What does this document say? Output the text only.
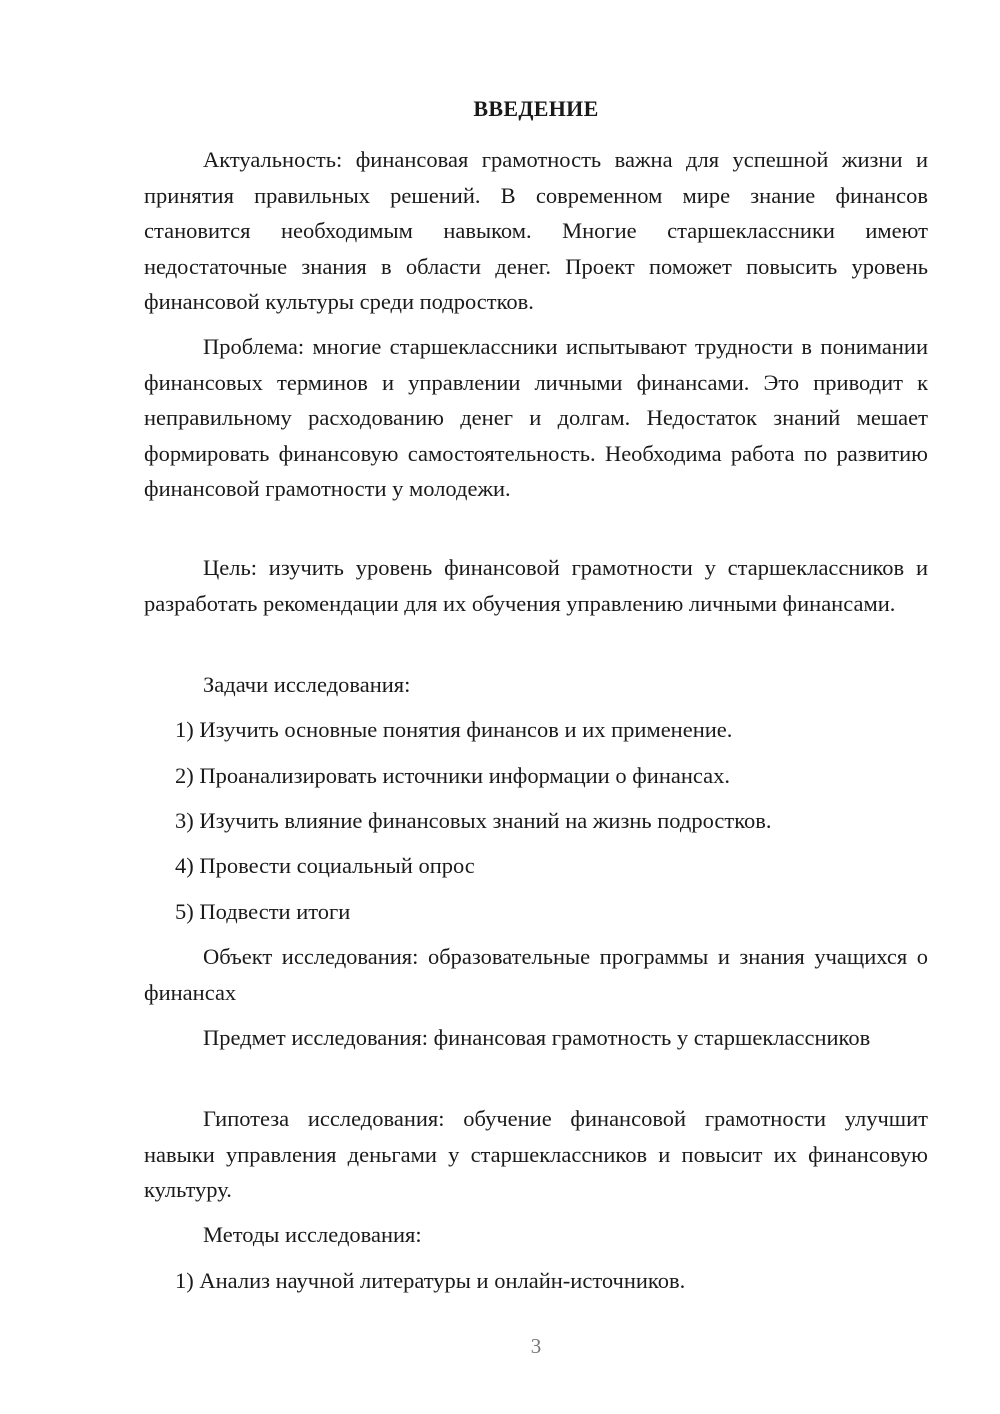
ВВЕДЕНИЕ

Актуальность: финансовая грамотность важна для успешной жизни и принятия правильных решений. В современном мире знание финансов становится необходимым навыком. Многие старшеклассники имеют недостаточные знания в области денег. Проект поможет повысить уровень финансовой культуры среди подростков.

Проблема: многие старшеклассники испытывают трудности в понимании финансовых терминов и управлении личными финансами. Это приводит к неправильному расходованию денег и долгам. Недостаток знаний мешает формировать финансовую самостоятельность. Необходима работа по развитию финансовой грамотности у молодежи.

Цель: изучить уровень финансовой грамотности у старшеклассников и разработать рекомендации для их обучения управлению личными финансами.

Задачи исследования:

1) Изучить основные понятия финансов и их применение.
2) Проанализировать источники информации о финансах.
3) Изучить влияние финансовых знаний на жизнь подростков.
4) Провести социальный опрос
5) Подвести итоги

Объект исследования: образовательные программы и знания учащихся о финансах

Предмет исследования: финансовая грамотность у старшеклассников

Гипотеза исследования: обучение финансовой грамотности улучшит навыки управления деньгами у старшеклассников и повысит их финансовую культуру.

Методы исследования:

1) Анализ научной литературы и онлайн-источников.
3
